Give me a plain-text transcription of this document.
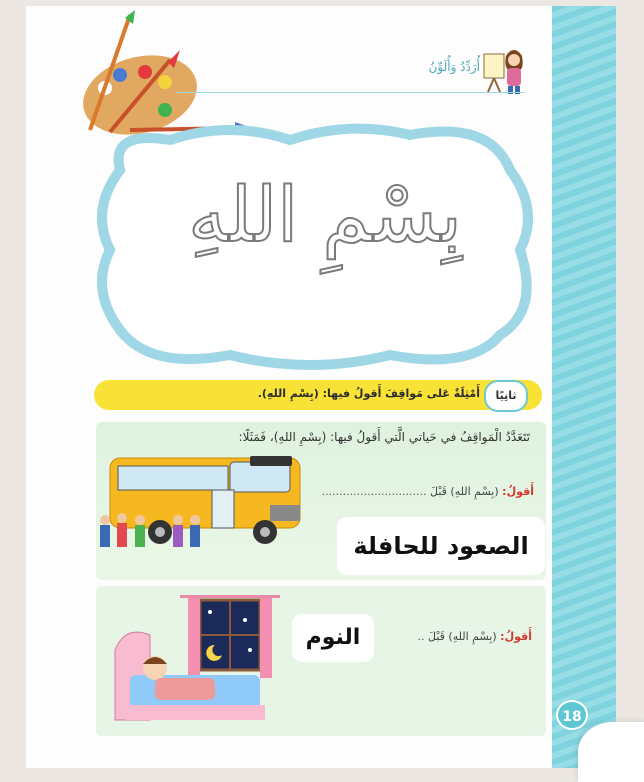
أُرَدِّدُ وَأُلَوِّنُ
بِسْمِ اللهِ
ثانِيًا
أَمْثِلَةٌ عَلى مَواقِفَ أَقولُ فيها: (بِسْمِ اللهِ).
تَتَعَدَّدُ الْمَواقِفُ في حَياتي الَّتي أَقولُ فيها: (بِسْمِ اللهِ)، فَمَثَلًا:
أَقولُ: (بِسْمِ اللهِ) قَبْلَ ..............................
الصعود للحافلة
أَقولُ: (بِسْمِ اللهِ) قَبْلَ ..
النوم
18
